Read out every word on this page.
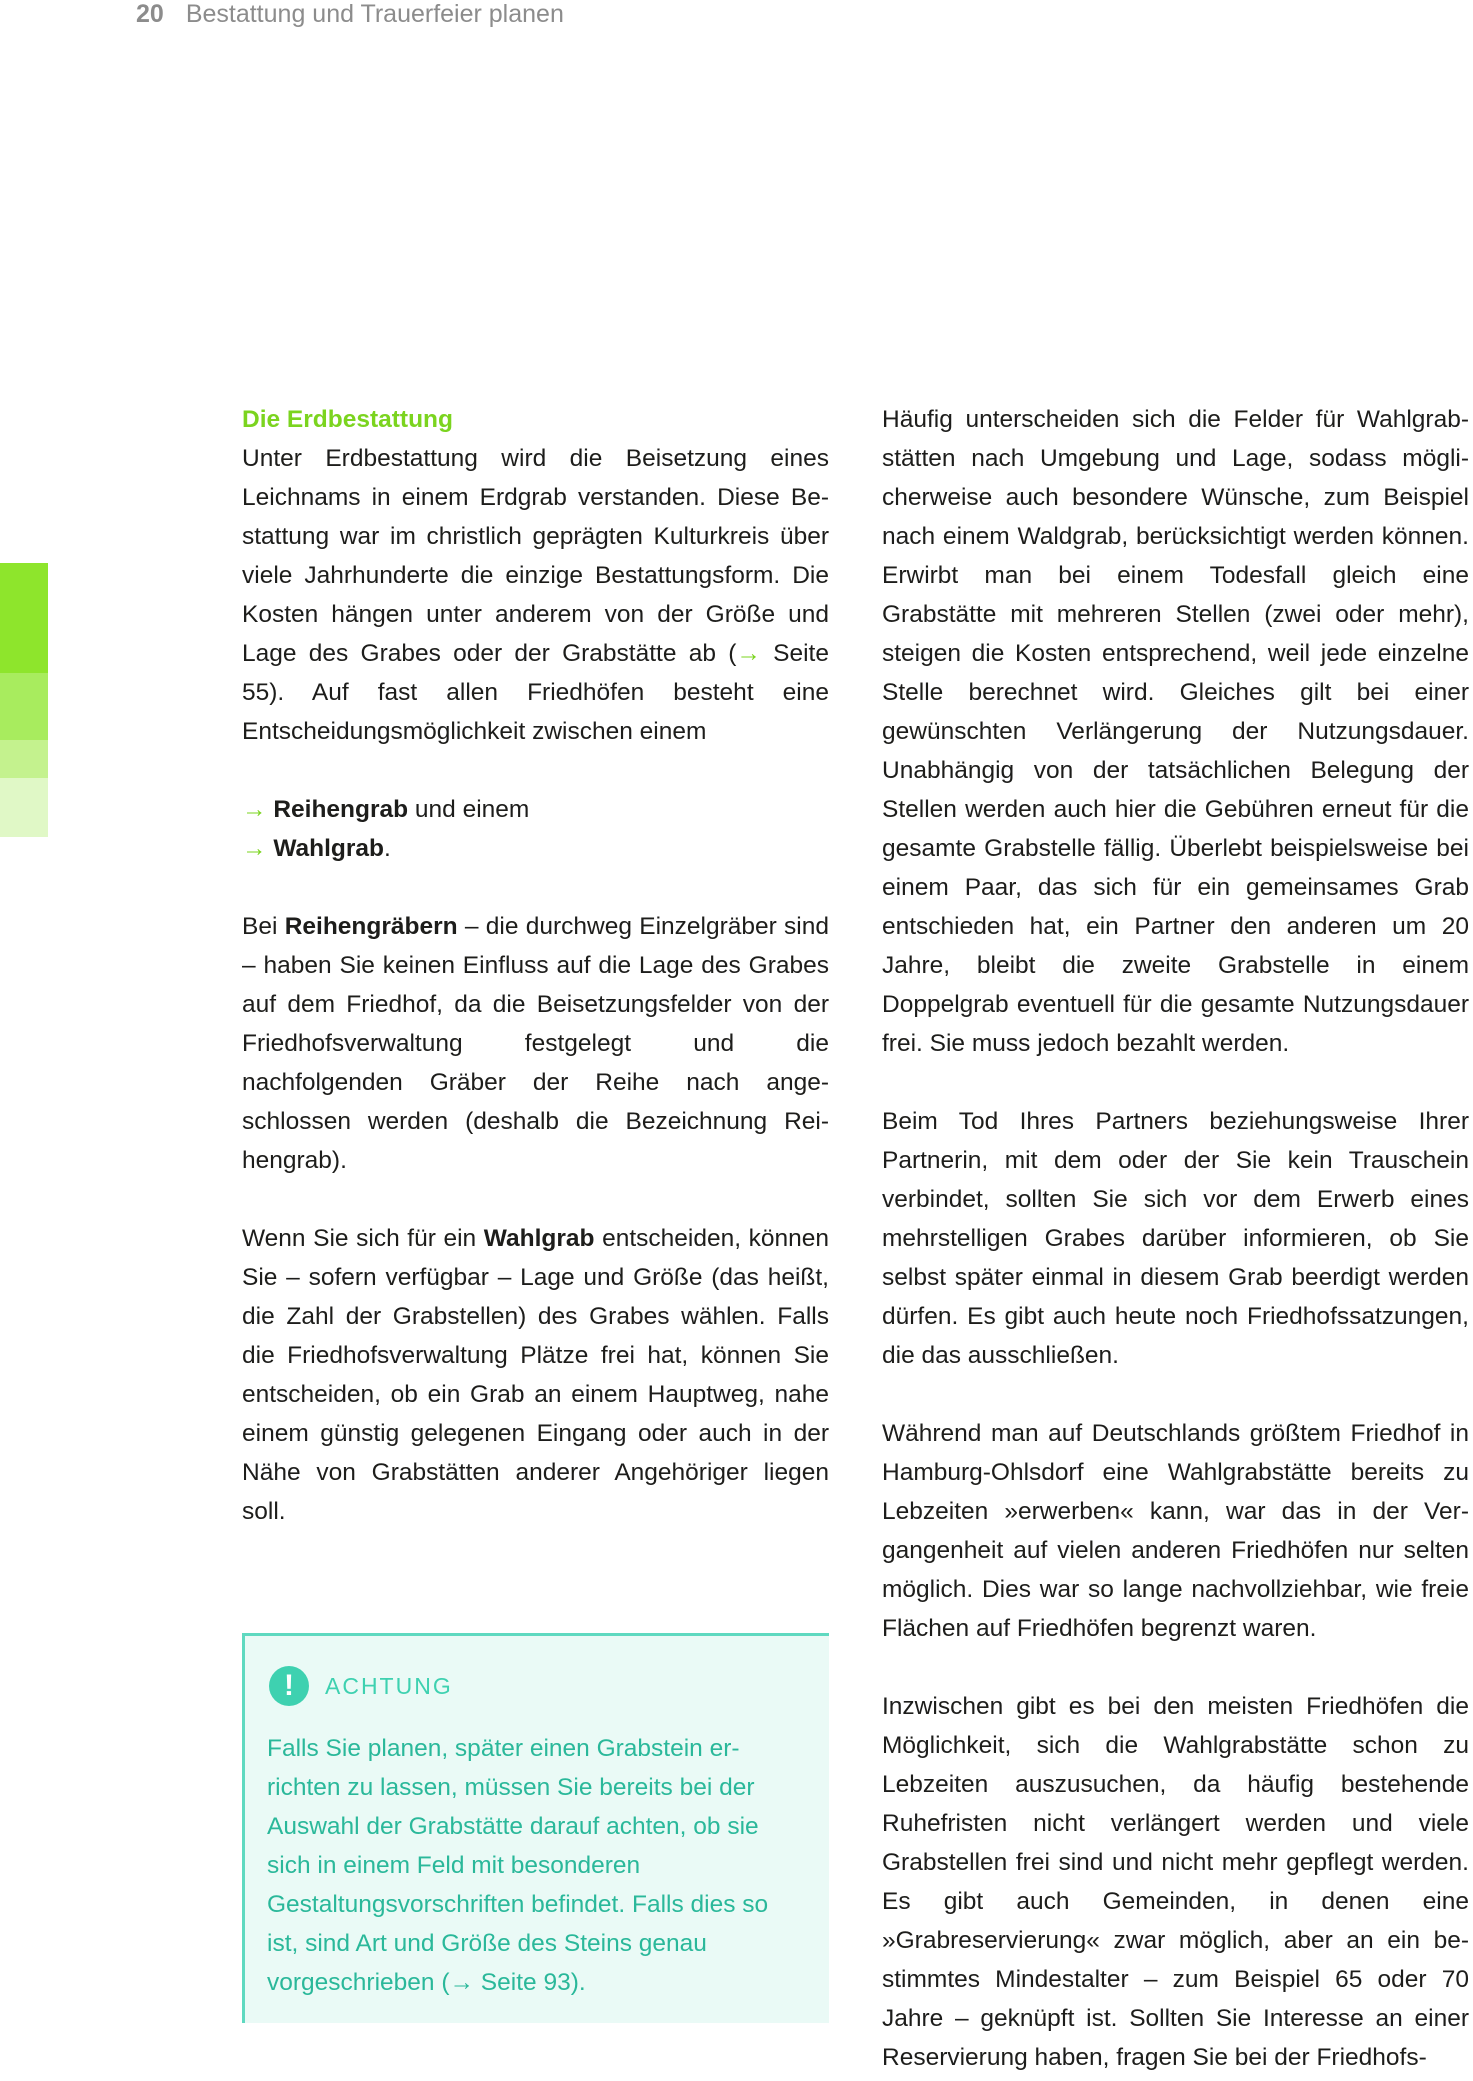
20 Bestattung und Trauerfeier planen

Die Erdbestattung

Unter Erdbestattung wird die Beisetzung eines Leichnams in einem Erdgrab verstanden. Diese Bestattung war im christlich geprägten Kulturkreis über viele Jahrhunderte die einzige Bestattungsform. Die Kosten hängen unter anderem von der Größe und Lage des Grabes oder der Grabstätte ab (→ Seite 55). Auf fast allen Friedhöfen besteht eine Entscheidungsmöglichkeit zwischen einem

→ Reihengrab und einem

→ Wahlgrab.

Bei Reihengräbern – die durchweg Einzelgräber sind – haben Sie keinen Einfluss auf die Lage des Grabes auf dem Friedhof, da die Beisetzungsfelder von der Friedhofsverwaltung festgelegt und die nachfolgenden Gräber der Reihe nach angeschlossen werden (deshalb die Bezeichnung Reihengrab).

Wenn Sie sich für ein Wahlgrab entscheiden, können Sie – sofern verfügbar – Lage und Größe (das heißt, die Zahl der Grabstellen) des Grabes wählen. Falls die Friedhofsverwaltung Plätze frei hat, können Sie entscheiden, ob ein Grab an einem Hauptweg, nahe einem günstig gelegenen Eingang oder auch in der Nähe von Grabstätten anderer Angehöriger liegen soll.

!	ACHTUNG

Falls Sie planen, später einen Grabstein errichten zu lassen, müssen Sie bereits bei der Auswahl der Grabstätte darauf achten, ob sie sich in einem Feld mit besonderen Gestaltungsvorschriften befindet. Falls dies so ist, sind Art und Größe des Steins genau vorgeschrieben (→ Seite 93).

Häufig unterscheiden sich die Felder für Wahlgrabstätten nach Umgebung und Lage, sodass möglicherweise auch besondere Wünsche, zum Beispiel nach einem Waldgrab, berücksichtigt werden können. Erwirbt man bei einem Todesfall gleich eine Grabstätte mit mehreren Stellen (zwei oder mehr), steigen die Kosten entsprechend, weil jede einzelne Stelle berechnet wird. Gleiches gilt bei einer gewünschten Verlängerung der Nutzungsdauer. Unabhängig von der tatsächlichen Belegung der Stellen werden auch hier die Gebühren erneut für die gesamte Grabstelle fällig. Überlebt beispielsweise bei einem Paar, das sich für ein gemeinsames Grab entschieden hat, ein Partner den anderen um 20 Jahre, bleibt die zweite Grabstelle in einem Doppelgrab eventuell für die gesamte Nutzungsdauer frei. Sie muss jedoch bezahlt werden.

Beim Tod Ihres Partners beziehungsweise Ihrer Partnerin, mit dem oder der Sie kein Trauschein verbindet, sollten Sie sich vor dem Erwerb eines mehrstelligen Grabes darüber informieren, ob Sie selbst später einmal in diesem Grab beerdigt werden dürfen. Es gibt auch heute noch Friedhofssatzungen, die das ausschließen.

Während man auf Deutschlands größtem Friedhof in Hamburg-Ohlsdorf eine Wahlgrabstätte bereits zu Lebzeiten »erwerben« kann, war das in der Vergangenheit auf vielen anderen Friedhöfen nur selten möglich. Dies war so lange nachvollziehbar, wie freie Flächen auf Friedhöfen begrenzt waren.

Inzwischen gibt es bei den meisten Friedhöfen die Möglichkeit, sich die Wahlgrabstätte schon zu Lebzeiten auszusuchen, da häufig bestehende Ruhefristen nicht verlängert werden und viele Grabstellen frei sind und nicht mehr gepflegt werden. Es gibt auch Gemeinden, in denen eine »Grabreservierung« zwar möglich, aber an ein bestimmtes Mindestalter – zum Beispiel 65 oder 70 Jahre – geknüpft ist. Sollten Sie Interesse an einer Reservierung haben, fragen Sie bei der Friedhofs-
